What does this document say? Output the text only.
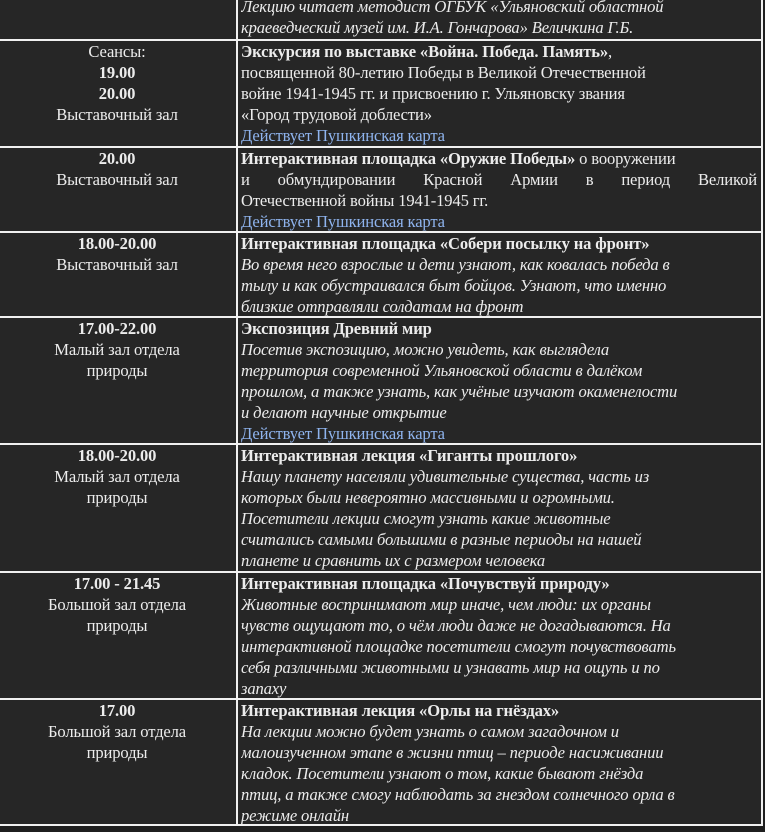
Лекцию читает методист ОГБУК «Ульяновский областной
краеведческий музей им. И.А. Гончарова» Величкина Г.Б.
Сеансы:
19.00
20.00
Выставочный зал
Экскурсия по выставке «Война. Победа. Память»,
посвященной 80-летию Победы в Великой Отечественной
войне 1941-1945 гг. и присвоению г. Ульяновску звания
«Город трудовой доблести»
Действует Пушкинская карта
20.00
Выставочный зал
Интерактивная площадка «Оружие Победы» о вооружении
и обмундировании Красной Армии в период Великой
Отечественной войны 1941-1945 гг.
Действует Пушкинская карта
18.00-20.00
Выставочный зал
Интерактивная площадка «Собери посылку на фронт»
Во время него взрослые и дети узнают, как ковалась победа в
тылу и как обустраивался быт бойцов. Узнают, что именно
близкие отправляли солдатам на фронт
17.00-22.00
Малый зал отдела
природы
Экспозиция Древний мир
Посетив экспозицию, можно увидеть, как выглядела
территория современной Ульяновской области в далёком
прошлом, а также узнать, как учёные изучают окаменелости
и делают научные открытие
Действует Пушкинская карта
18.00-20.00
Малый зал отдела
природы
Интерактивная лекция «Гиганты прошлого»
Нашу планету населяли удивительные существа, часть из
которых были невероятно массивными и огромными.
Посетители лекции смогут узнать какие животные
считались самыми большими в разные периоды на нашей
планете и сравнить их с размером человека
17.00 - 21.45
Большой зал отдела
природы
Интерактивная площадка «Почувствуй природу»
Животные воспринимают мир иначе, чем люди: их органы
чувств ощущают то, о чём люди даже не догадываются. На
интерактивной площадке посетители смогут почувствовать
себя различными животными и узнавать мир на ощупь и по
запаху
17.00
Большой зал отдела
природы
Интерактивная лекция «Орлы на гнёздах»
На лекции можно будет узнать о самом загадочном и
малоизученном этапе в жизни птиц – периоде насиживании
кладок. Посетители узнают о том, какие бывают гнёзда
птиц, а также смогу наблюдать за гнездом солнечного орла в
режиме онлайн
